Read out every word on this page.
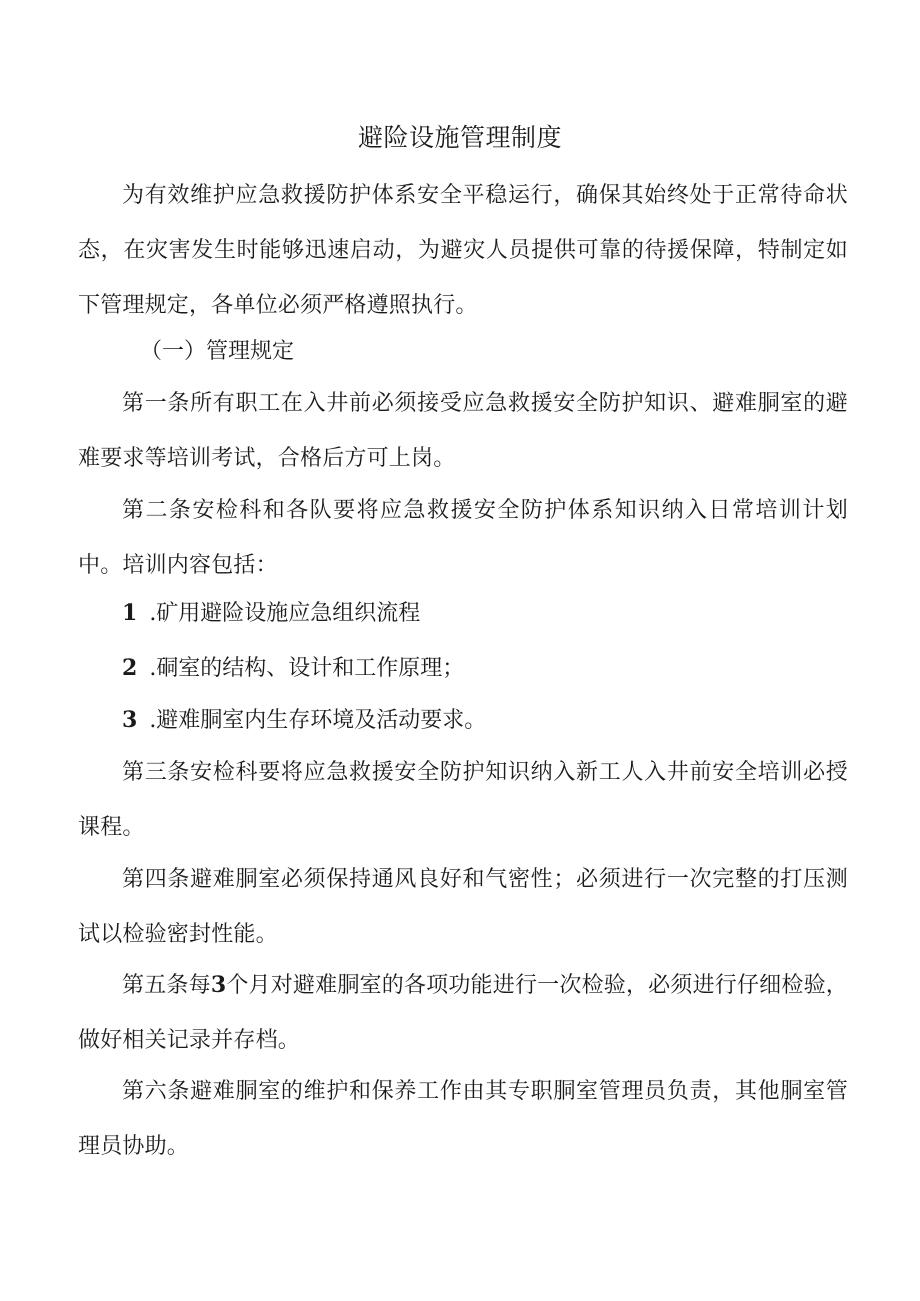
避险设施管理制度
为有效维护应急救援防护体系安全平稳运行，确保其始终处于正常待命状态，在灾害发生时能够迅速启动，为避灾人员提供可靠的待援保障，特制定如下管理规定，各单位必须严格遵照执行。
（一）管理规定
第一条所有职工在入井前必须接受应急救援安全防护知识、避难胴室的避难要求等培训考试，合格后方可上岗。
第二条安检科和各队要将应急救援安全防护体系知识纳入日常培训计划中。培训内容包括：
1 .矿用避险设施应急组织流程
2 .硐室的结构、设计和工作原理；
3 .避难胴室内生存环境及活动要求。
第三条安检科要将应急救援安全防护知识纳入新工人入井前安全培训必授课程。
第四条避难胴室必须保持通风良好和气密性；必须进行一次完整的打压测试以检验密封性能。
第五条每3个月对避难胴室的各项功能进行一次检验，必须进行仔细检验，做好相关记录并存档。
第六条避难胴室的维护和保养工作由其专职胴室管理员负责，其他胴室管理员协助。
